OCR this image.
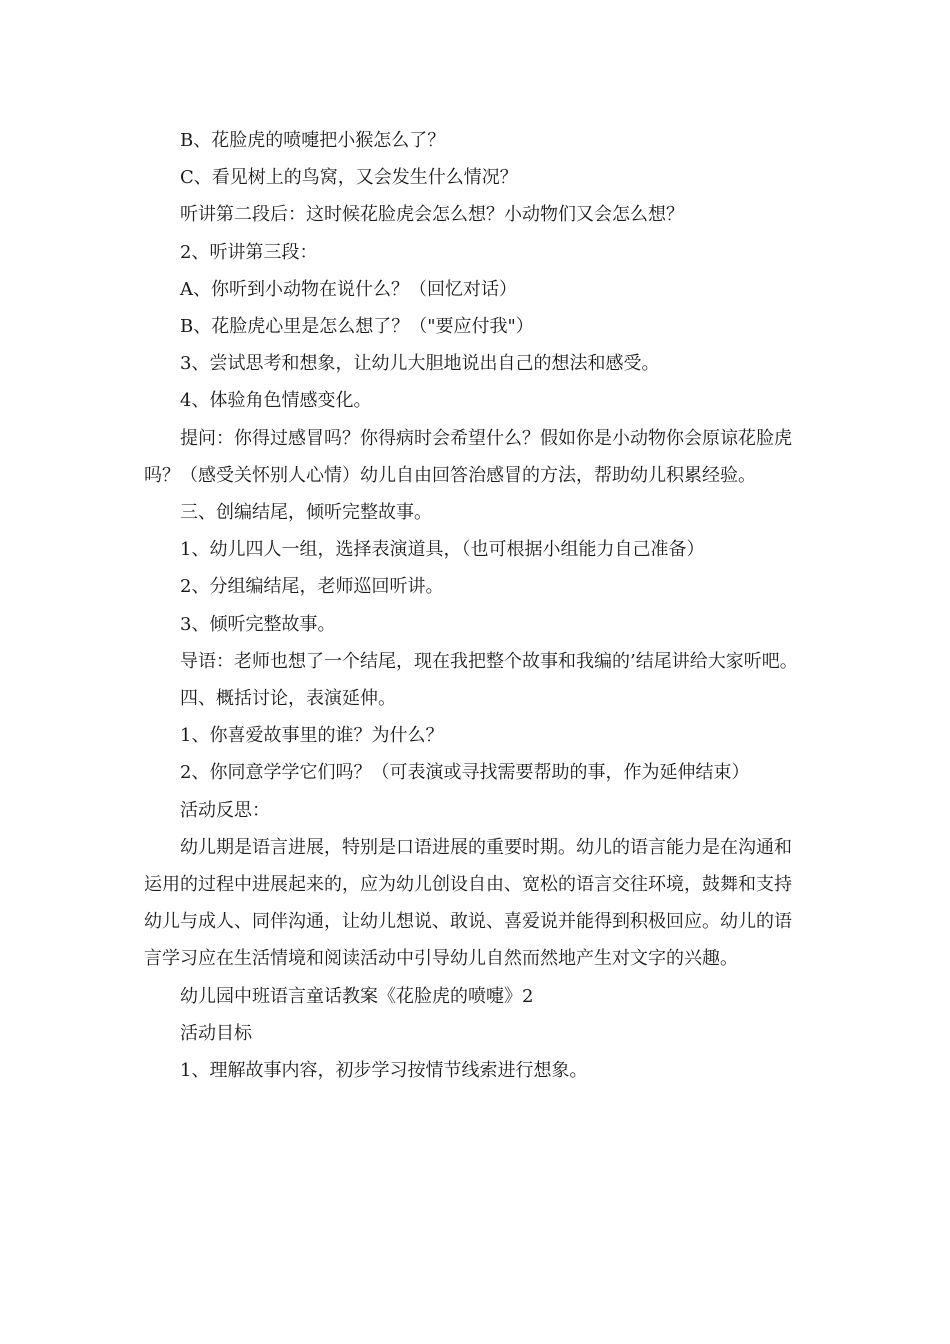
B、花脸虎的喷嚏把小猴怎么了？

C、看见树上的鸟窝，又会发生什么情况？

听讲第二段后：这时候花脸虎会怎么想？小动物们又会怎么想？

2、听讲第三段：

A、你听到小动物在说什么？（回忆对话）

B、花脸虎心里是怎么想了？（"要应付我"）

3、尝试思考和想象，让幼儿大胆地说出自己的想法和感受。

4、体验角色情感变化。

提问：你得过感冒吗？你得病时会希望什么？假如你是小动物你会原谅花脸虎吗？（感受关怀别人心情）幼儿自由回答治感冒的方法，帮助幼儿积累经验。

三、创编结尾，倾听完整故事。

1、幼儿四人一组，选择表演道具，（也可根据小组能力自己准备）

2、分组编结尾，老师巡回听讲。

3、倾听完整故事。

导语：老师也想了一个结尾，现在我把整个故事和我编的’结尾讲给大家听吧。

四、概括讨论，表演延伸。

1、你喜爱故事里的谁？为什么？

2、你同意学学它们吗？（可表演或寻找需要帮助的事，作为延伸结束）

活动反思：

幼儿期是语言进展，特别是口语进展的重要时期。幼儿的语言能力是在沟通和运用的过程中进展起来的，应为幼儿创设自由、宽松的语言交往环境，鼓舞和支持幼儿与成人、同伴沟通，让幼儿想说、敢说、喜爱说并能得到积极回应。幼儿的语言学习应在生活情境和阅读活动中引导幼儿自然而然地产生对文字的兴趣。

幼儿园中班语言童话教案《花脸虎的喷嚏》2

活动目标

1、理解故事内容，初步学习按情节线索进行想象。
